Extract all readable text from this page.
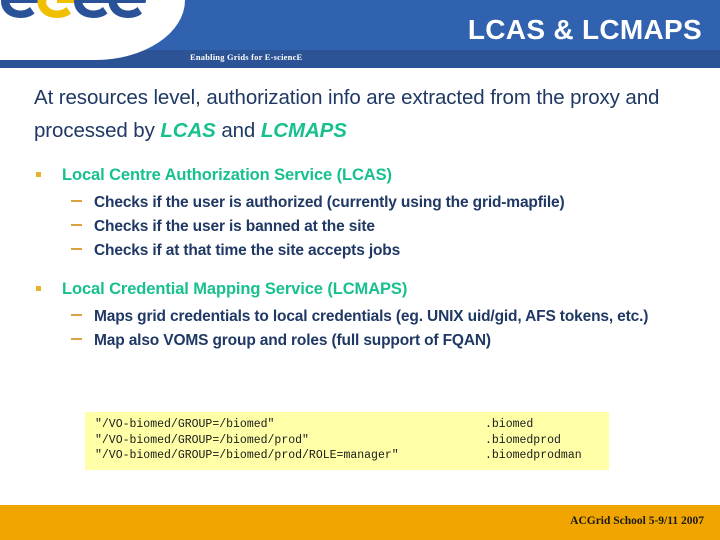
Enabling Grids for E-sciencE
LCAS & LCMAPS
At resources level, authorization info are extracted from the proxy and processed by LCAS and LCMAPS
Local Centre Authorization Service (LCAS)
Checks if the user is authorized (currently using the grid-mapfile)
Checks if the user is banned at the site
Checks if at that time the site accepts jobs
Local Credential Mapping Service (LCMAPS)
Maps grid credentials to local credentials (eg. UNIX uid/gid, AFS tokens, etc.)
Map also VOMS group and roles (full support of FQAN)
"/VO-biomed/GROUP=/biomed"	.biomed
"/VO-biomed/GROUP=/biomed/prod"	.biomedprod
"/VO-biomed/GROUP=/biomed/prod/ROLE=manager"	.biomedprodman
ACGrid School 5-9/11 2007
